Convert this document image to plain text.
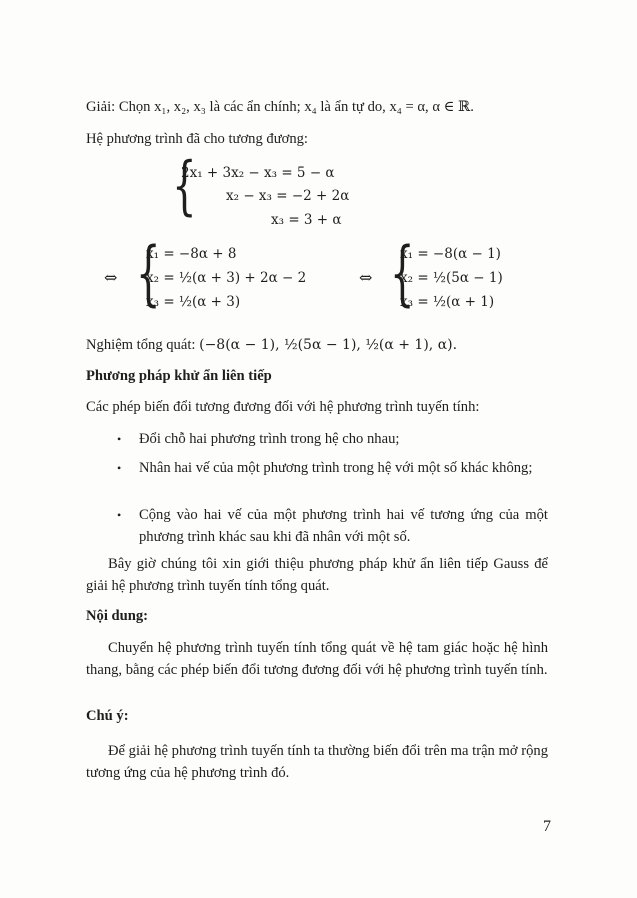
Giải: Chọn x₁, x₂, x₃ là các ẩn chính; x₄ là ẩn tự do, x₄ = α, α ∈ ℝ.
Hệ phương trình đã cho tương đương:
{
2x₁ + 3x₂ − x₃ = 5 − α
x₂ − x₃ = −2 + 2α
x₃ = 3 + α
⇔ {
x₁ = −8α + 8
x₂ = ½(α + 3) + 2α − 2
x₃ = ½(α + 3)
⇔ {
x₁ = −8(α − 1)
x₂ = ½(5α − 1)
x₃ = ½(α + 1)
Nghiệm tổng quát: (−8(α − 1), ½(5α − 1), ½(α + 1), α).
Phương pháp khử ẩn liên tiếp
Các phép biến đổi tương đương đối với hệ phương trình tuyến tính:
• Đổi chỗ hai phương trình trong hệ cho nhau;
• Nhân hai vế của một phương trình trong hệ với một số khác không;
• Cộng vào hai vế của một phương trình hai vế tương ứng của một phương trình khác sau khi đã nhân với một số.
Bây giờ chúng tôi xin giới thiệu phương pháp khử ẩn liên tiếp Gauss để giải hệ phương trình tuyến tính tổng quát.
Nội dung:
Chuyển hệ phương trình tuyến tính tổng quát về hệ tam giác hoặc hệ hình thang, bằng các phép biến đổi tương đương đối với hệ phương trình tuyến tính.
Chú ý:
Để giải hệ phương trình tuyến tính ta thường biến đổi trên ma trận mở rộng tương ứng của hệ phương trình đó.
7
